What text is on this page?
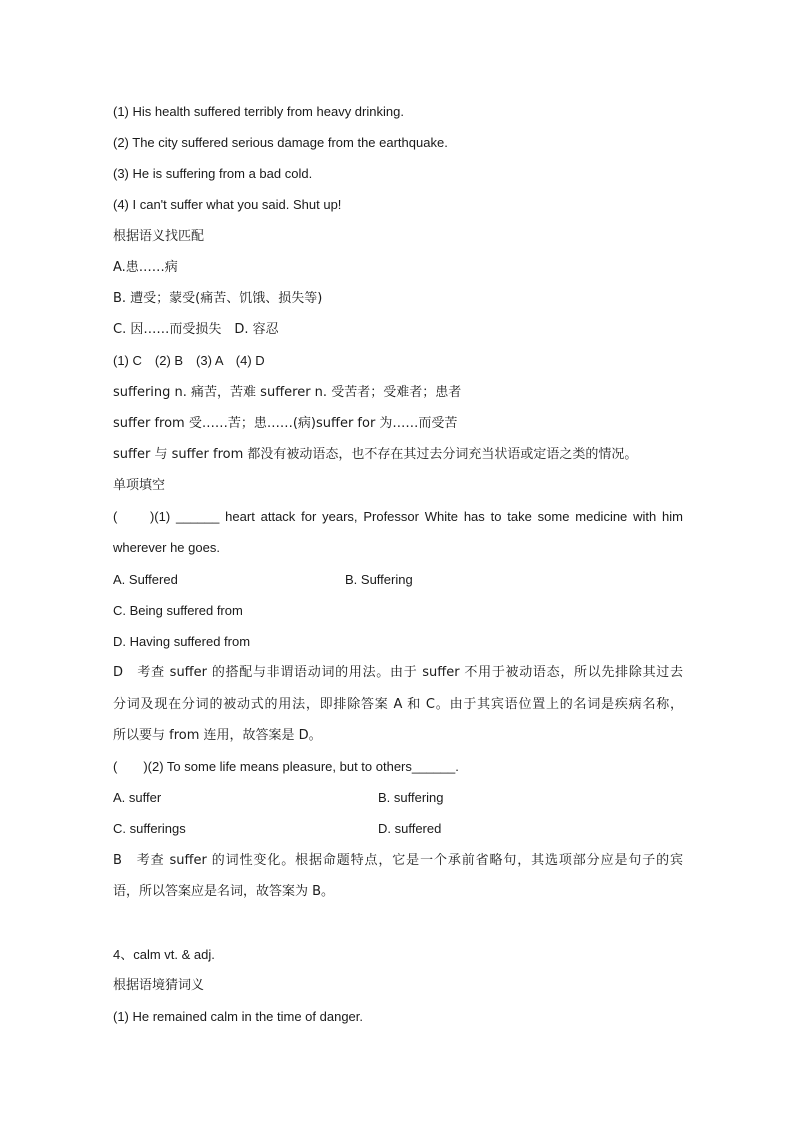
(1) His health suffered terribly from heavy drinking.
(2) The city suffered serious damage from the earthquake.
(3) He is suffering from a bad cold.
(4) I can't suffer what you said. Shut up!
根据语义找匹配
A.患……病
B. 遭受；蒙受(痛苦、饥饿、损失等)
C. 因……而受损失　D. 容忍
(1) C　(2) B　(3) A　(4) D
suffering n. 痛苦，苦难 sufferer n. 受苦者；受难者；患者
suffer from 受……苦；患……(病)suffer for 为……而受苦
suffer 与 suffer from 都没有被动语态，也不存在其过去分词充当状语或定语之类的情况。
单项填空
(　　)(1) ______ heart attack for years, Professor White has to take some medicine with him
wherever he goes.
A. Suffered	B. Suffering
C. Being suffered from
D. Having suffered from
D　考查 suffer 的搭配与非谓语动词的用法。由于 suffer 不用于被动语态，所以先排除其过去
分词及现在分词的被动式的用法，即排除答案 A 和 C。由于其宾语位置上的名词是疾病名称，
所以要与 from 连用，故答案是 D。
(　　)(2) To some life means pleasure, but to others______.
A. suffer	B. suffering
C. sufferings	D. suffered
B　考查 suffer 的词性变化。根据命题特点，它是一个承前省略句，其选项部分应是句子的宾
语，所以答案应是名词，故答案为 B。
4、calm vt. & adj.
根据语境猜词义
(1) He remained calm in the time of danger.
